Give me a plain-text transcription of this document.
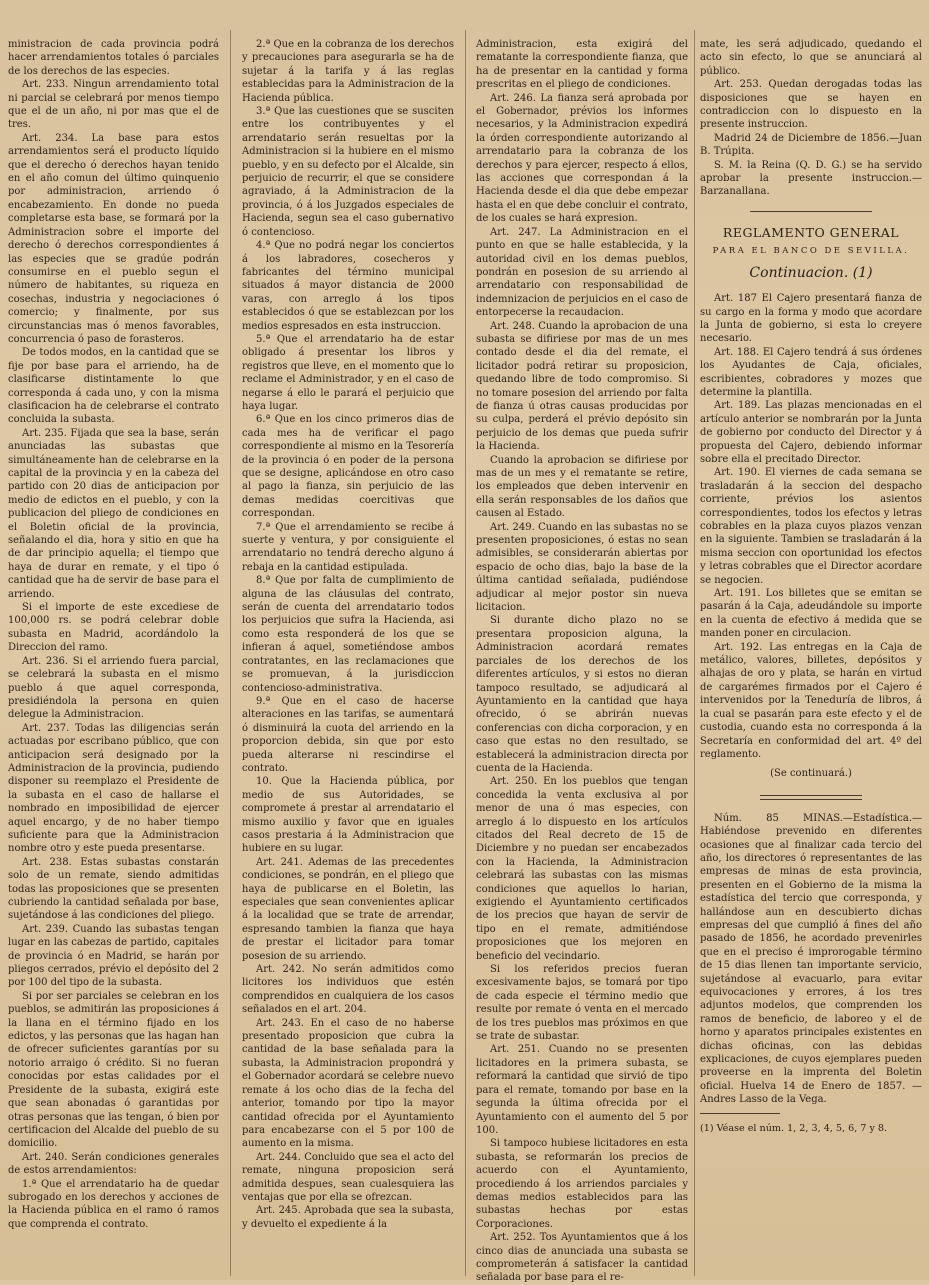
ministracion de cada provincia podrá hacer arrendamientos totales ó parciales de los derechos de las especies.

Art. 233. Ningun arrendamiento total ni parcial se celebrará por menos tiempo que el de un año, ni por mas que el de tres.

Art. 234. La base para estos arrendamientos será el producto líquido que el derecho ó derechos hayan tenido en el año comun del último quinquenio por administracion, arriendo ó encabezamiento. En donde no pueda completarse esta base, se formará por la Administracion sobre el importe del derecho ó derechos correspondientes á las especies que se gradúe podrán consumirse en el pueblo segun el número de habitantes, su riqueza en cosechas, industria y negociaciones ó comercio; y finalmente, por sus circunstancias mas ó menos favorables, concurrencia ó paso de forasteros.

De todos modos, en la cantidad que se fije por base para el arriendo, ha de clasificarse distintamente lo que corresponda á cada uno, y con la misma clasificacion ha de celebrarse el contrato concluida la subasta.

Art. 235. Fijada que sea la base, serán anunciadas las subastas que simultáneamente han de celebrarse en la capital de la provincia y en la cabeza del partido con 20 dias de anticipacion por medio de edictos en el pueblo, y con la publicacion del pliego de condiciones en el Boletin oficial de la provincia, señalando el dia, hora y sitio en que ha de dar principio aquella; el tiempo que haya de durar en remate, y el tipo ó cantidad que ha de servir de base para el arriendo.

Si el importe de este excediese de 100,000 rs. se podrá celebrar doble subasta en Madrid, acordándolo la Direccion del ramo.

Art. 236. Si el arriendo fuera parcial, se celebrará la subasta en el mismo pueblo á que aquel corresponda, presidiéndola la persona en quien delegue la Administracion.

Art. 237. Todas las diligencias serán actuadas por escribano público, que con anticipacion será designado por la Administracion de la provincia, pudiendo disponer su reemplazo el Presidente de la subasta en el caso de hallarse el nombrado en imposibilidad de ejercer aquel encargo, y de no haber tiempo suficiente para que la Administracion nombre otro y este pueda presentarse.

Art. 238. Estas subastas constarán solo de un remate, siendo admitidas todas las proposiciones que se presenten cubriendo la cantidad señalada por base, sujetándose á las condiciones del pliego.

Art. 239. Cuando las subastas tengan lugar en las cabezas de partido, capitales de provincia ó en Madrid, se harán por pliegos cerrados, prévio el depósito del 2 por 100 del tipo de la subasta.

Si por ser parciales se celebran en los pueblos, se admitirán las proposiciones á la llana en el término fijado en los edictos, y las personas que las hagan han de ofrecer suficientes garantías por su notorio arraigo ó crédito. Si no fueran conocidas por estas calidades por el Presidente de la subasta, exigirá este que sean abonadas ó garantidas por otras personas que las tengan, ó bien por certificacion del Alcalde del pueblo de su domicilio.

Art. 240. Serán condiciones generales de estos arrendamientos:

1.ª Que el arrendatario ha de quedar subrogado en los derechos y acciones de la Hacienda pública en el ramo ó ramos que comprenda el contrato.

2.ª Que en la cobranza de los derechos y precauciones para asegurarla se ha de sujetar á la tarifa y á las reglas establecidas para la Administracion de la Hacienda pública.

3.ª Que las cuestiones que se susciten entre los contribuyentes y el arrendatario serán resueltas por la Administracion si la hubiere en el mismo pueblo, y en su defecto por el Alcalde, sin perjuicio de recurrir, el que se considere agraviado, á la Administracion de la provincia, ó á los Juzgados especiales de Hacienda, segun sea el caso gubernativo ó contencioso.

4.ª Que no podrá negar los conciertos á los labradores, cosecheros y fabricantes del término municipal situados á mayor distancia de 2000 varas, con arreglo á los tipos establecidos ó que se establezcan por los medios espresados en esta instruccion.

5.ª Que el arrendatario ha de estar obligado á presentar los libros y registros que lleve, en el momento que lo reclame el Administrador, y en el caso de negarse á ello le parará el perjuicio que haya lugar.

6.ª Que en los cinco primeros dias de cada mes ha de verificar el pago correspondiente al mismo en la Tesorería de la provincia ó en poder de la persona que se designe, aplicándose en otro caso al pago la fianza, sin perjuicio de las demas medidas coercitivas que correspondan.

7.ª Que el arrendamiento se recibe á suerte y ventura, y por consiguiente el arrendatario no tendrá derecho alguno á rebaja en la cantidad estipulada.

8.ª Que por falta de cumplimiento de alguna de las cláusulas del contrato, serán de cuenta del arrendatario todos los perjuicios que sufra la Hacienda, asi como esta responderá de los que se infieran á aquel, sometiéndose ambos contratantes, en las reclamaciones que se promuevan, á la jurisdiccion contencioso-administrativa.

9.ª Que en el caso de hacerse alteraciones en las tarifas, se aumentará ó disminuirá la cuota del arriendo en la proporcion debida, sin que por esto pueda alterarse ni rescindirse el contrato.

10. Que la Hacienda pública, por medio de sus Autoridades, se compromete á prestar al arrendatario el mismo auxilio y favor que en iguales casos prestaria á la Administracion que hubiere en su lugar.

Art. 241. Ademas de las precedentes condiciones, se pondrán, en el pliego que haya de publicarse en el Boletin, las especiales que sean convenientes aplicar á la localidad que se trate de arrendar, espresando tambien la fianza que haya de prestar el licitador para tomar posesion de su arriendo.

Art. 242. No serán admitidos como licitores los individuos que estén comprendidos en cualquiera de los casos señalados en el art. 204.

Art. 243. En el caso de no haberse presentado proposicion que cubra la cantidad de la base señalada para la subasta, la Administracion propondrá y el Gobernador acordará se celebre nuevo remate á los ocho dias de la fecha del anterior, tomando por tipo la mayor cantidad ofrecida por el Ayuntamiento para encabezarse con el 5 por 100 de aumento en la misma.

Art. 244. Concluido que sea el acto del remate, ninguna proposicion será admitida despues, sean cualesquiera las ventajas que por ella se ofrezcan.

Art. 245. Aprobada que sea la subasta, y devuelto el expediente á la

Administracion, esta exigirá del rematante la correspondiente fianza, que ha de presentar en la cantidad y forma prescritas en el pliego de condiciones.

Art. 246. La fianza será aprobada por el Gobernador, prévios los informes necesarios, y la Administracion expedirá la órden correspondiente autorizando al arrendatario para la cobranza de los derechos y para ejercer, respecto á ellos, las acciones que correspondan á la Hacienda desde el dia que debe empezar hasta el en que debe concluir el contrato, de los cuales se hará expresion.

Art. 247. La Administracion en el punto en que se halle establecida, y la autoridad civil en los demas pueblos, pondrán en posesion de su arriendo al arrendatario con responsabilidad de indemnizacion de perjuicios en el caso de entorpecerse la recaudacion.

Art. 248. Cuando la aprobacion de una subasta se difiriese por mas de un mes contado desde el dia del remate, el licitador podrá retirar su proposicion, quedando libre de todo compromiso. Si no tomare posesion del arriendo por falta de fianza ú otras causas producidas por su culpa, perderá el prévio depósito sin perjuicio de los demas que pueda sufrir la Hacienda.

Cuando la aprobacion se difiriese por mas de un mes y el rematante se retire, los empleados que deben intervenir en ella serán responsables de los daños que causen al Estado.

Art. 249. Cuando en las subastas no se presenten proposiciones, ó estas no sean admisibles, se considerarán abiertas por espacio de ocho dias, bajo la base de la última cantidad señalada, pudiéndose adjudicar al mejor postor sin nueva licitacion.

Si durante dicho plazo no se presentara proposicion alguna, la Administracion acordará remates parciales de los derechos de los diferentes artículos, y si estos no dieran tampoco resultado, se adjudicará al Ayuntamiento en la cantidad que haya ofrecido, ó se abrirán nuevas conferencias con dicha corporacion, y en caso que estas no den resultado, se establecerá la administracion directa por cuenta de la Hacienda.

Art. 250. En los pueblos que tengan concedida la venta exclusiva al por menor de una ó mas especies, con arreglo á lo dispuesto en los artículos citados del Real decreto de 15 de Diciembre y no puedan ser encabezados con la Hacienda, la Administracion celebrará las subastas con las mismas condiciones que aquellos lo harian, exigiendo el Ayuntamiento certificados de los precios que hayan de servir de tipo en el remate, admitiéndose proposiciones que los mejoren en beneficio del vecindario.

Si los referidos precios fueran excesivamente bajos, se tomará por tipo de cada especie el término medio que resulte por remate ó venta en el mercado de los tres pueblos mas próximos en que se trate de subastar.

Art. 251. Cuando no se presenten licitadores en la primera subasta, se reformará la cantidad que sirvió de tipo para el remate, tomando por base en la segunda la última ofrecida por el Ayuntamiento con el aumento del 5 por 100.

Si tampoco hubiese licitadores en esta subasta, se reformarán los precios de acuerdo con el Ayuntamiento, procediendo á los arriendos parciales y demas medios establecidos para las subastas hechas por estas Corporaciones.

Art. 252. Tos Ayuntamientos que á los cinco dias de anunciada una subasta se comprometerán á satisfacer la cantidad señalada por base para el re-

mate, les será adjudicado, quedando el acto sin efecto, lo que se anunciará al público.

Art. 253. Quedan derogadas todas las disposiciones que se hayen en contradiccion con lo dispuesto en la presente instruccion.

Madrid 24 de Diciembre de 1856.—Juan B. Trúpita.

S. M. la Reina (Q. D. G.) se ha servido aprobar la presente instruccion.—Barzanallana.

REGLAMENTO GENERAL

PARA EL BANCO DE SEVILLA.

Continuacion. (1)

Art. 187 El Cajero presentará fianza de su cargo en la forma y modo que acordare la Junta de gobierno, si esta lo creyere necesario.

Art. 188. El Cajero tendrá á sus órdenes los Ayudantes de Caja, oficiales, escribientes, cobradores y mozes que determine la plantilla.

Art. 189. Las plazas mencionadas en el artículo anterior se nombrarán por la Junta de gobierno por conducto del Director y á propuesta del Cajero, debiendo informar sobre ella el precitado Director.

Art. 190. El viernes de cada semana se trasladarán á la seccion del despacho corriente, prévios los asientos correspondientes, todos los efectos y letras cobrables en la plaza cuyos plazos venzan en la siguiente. Tambien se trasladarán á la misma seccion con oportunidad los efectos y letras cobrables que el Director acordare se negocien.

Art. 191. Los billetes que se emitan se pasarán á la Caja, adeudándole su importe en la cuenta de efectivo á medida que se manden poner en circulacion.

Art. 192. Las entregas en la Caja de metálico, valores, billetes, depósitos y alhajas de oro y plata, se harán en virtud de cargarémes firmados por el Cajero é intervenidos por la Teneduría de libros, á la cual se pasarán para este efecto y el de custodia, cuando esta no corresponda á la Secretaría en conformidad del art. 4º del reglamento.

(Se continuará.)

Núm. 85 MINAS.—Estadística.—Habiéndose prevenido en diferentes ocasiones que al finalizar cada tercio del año, los directores ó representantes de las empresas de minas de esta provincia, presenten en el Gobierno de la misma la estadística del tercio que corresponda, y hallándose aun en descubierto dichas empresas del que cumplió á fines del año pasado de 1856, he acordado prevenirles que en el preciso é improrogable término de 15 dias llenen tan importante servicio, sujetándose al evacuarlo, para evitar equivocaciones y errores, á los tres adjuntos modelos, que comprenden los ramos de beneficio, de laboreo y el de horno y aparatos principales existentes en dichas oficinas, con las debidas explicaciones, de cuyos ejemplares pueden proveerse en la imprenta del Boletin oficial. Huelva 14 de Enero de 1857. —Andres Lasso de la Vega.

(1) Véase el núm. 1, 2, 3, 4, 5, 6, 7 y 8.
